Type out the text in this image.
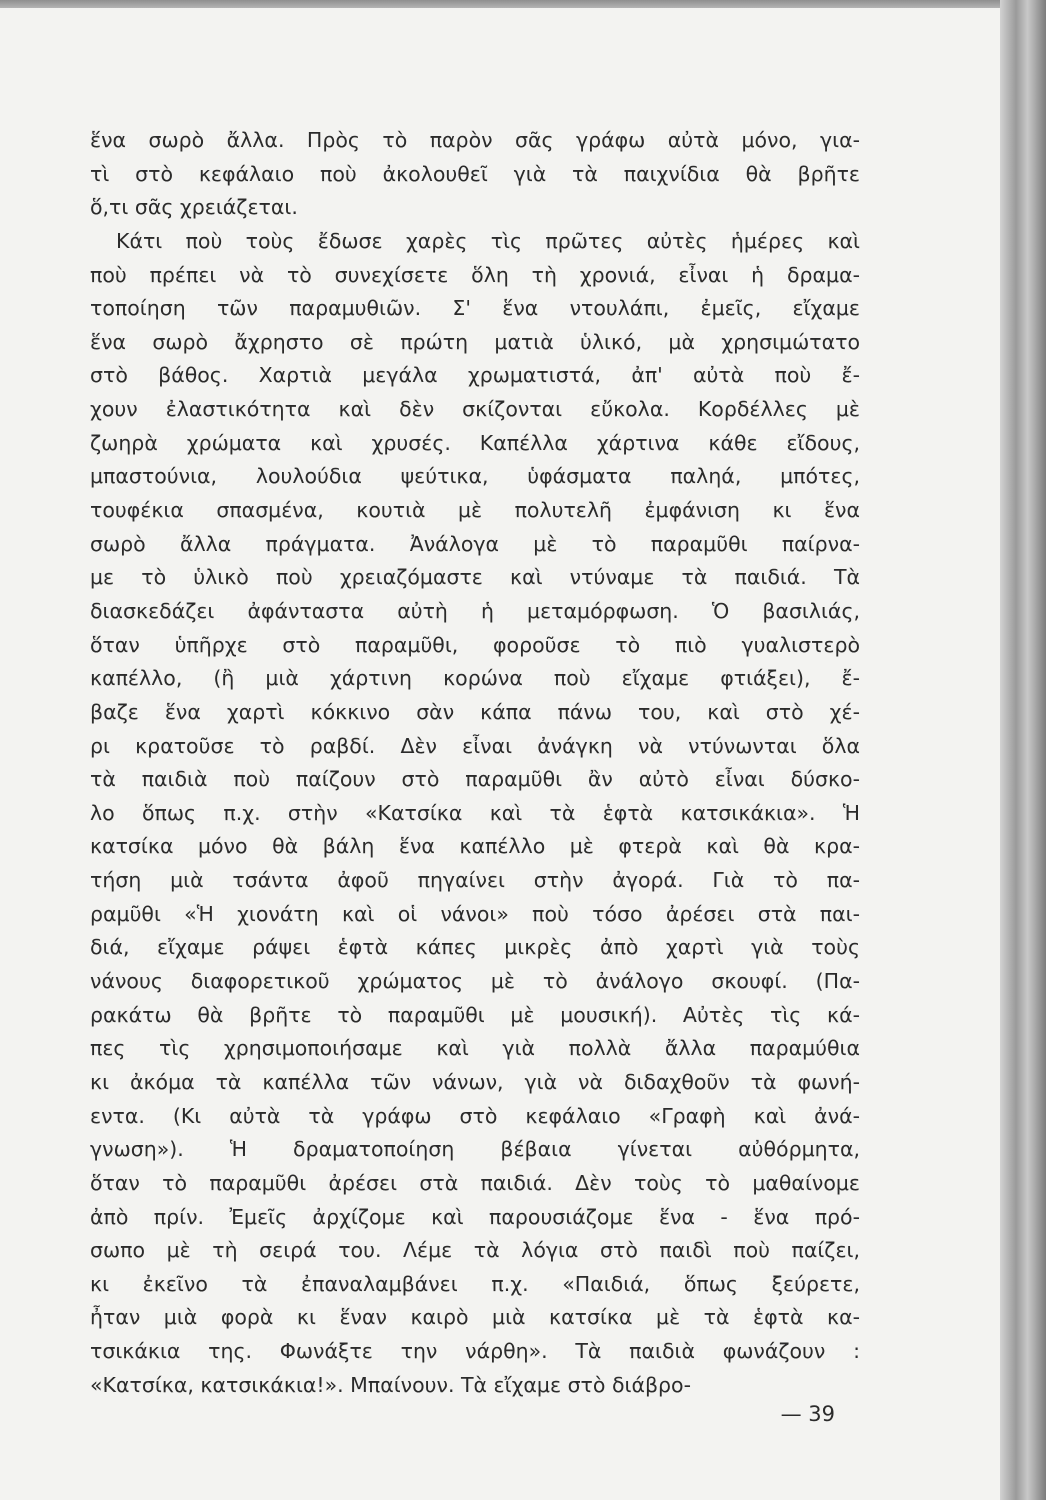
ἕνα σωρὸ ἄλλα. Πρὸς τὸ παρὸν σᾶς γράφω αὐτὰ μόνο, για-
τὶ στὸ κεφάλαιο ποὺ ἀκολουθεῖ γιὰ τὰ παιχνίδια θὰ βρῆτε
ὅ,τι σᾶς χρειάζεται.
Κάτι ποὺ τοὺς ἔδωσε χαρὲς τὶς πρῶτες αὐτὲς ἡμέρες καὶ
ποὺ πρέπει νὰ τὸ συνεχίσετε ὅλη τὴ χρονιά, εἶναι ἡ δραμα-
τοποίηση τῶν παραμυθιῶν. Σ' ἕνα ντουλάπι, ἐμεῖς, εἴχαμε
ἕνα σωρὸ ἄχρηστο σὲ πρώτη ματιὰ ὑλικό, μὰ χρησιμώτατο
στὸ βάθος. Χαρτιὰ μεγάλα χρωματιστά, ἀπ' αὐτὰ ποὺ ἔ-
χουν ἐλαστικότητα καὶ δὲν σκίζονται εὔκολα. Κορδέλλες μὲ
ζωηρὰ χρώματα καὶ χρυσές. Καπέλλα χάρτινα κάθε εἴδους,
μπαστούνια, λουλούδια ψεύτικα, ὑφάσματα παληά, μπότες,
τουφέκια σπασμένα, κουτιὰ μὲ πολυτελῆ ἐμφάνιση κι ἕνα
σωρὸ ἄλλα πράγματα. Ἀνάλογα μὲ τὸ παραμῦθι παίρνα-
με τὸ ὑλικὸ ποὺ χρειαζόμαστε καὶ ντύναμε τὰ παιδιά. Τὰ
διασκεδάζει ἀφάνταστα αὐτὴ ἡ μεταμόρφωση. Ὁ βασιλιάς,
ὅταν ὑπῆρχε στὸ παραμῦθι, φοροῦσε τὸ πιὸ γυαλιστερὸ
καπέλλο, (ἢ μιὰ χάρτινη κορώνα ποὺ εἴχαμε φτιάξει), ἔ-
βαζε ἕνα χαρτὶ κόκκινο σὰν κάπα πάνω του, καὶ στὸ χέ-
ρι κρατοῦσε τὸ ραβδί. Δὲν εἶναι ἀνάγκη νὰ ντύνωνται ὅλα
τὰ παιδιὰ ποὺ παίζουν στὸ παραμῦθι ἂν αὐτὸ εἶναι δύσκο-
λο ὅπως π.χ. στὴν «Κατσίκα καὶ τὰ ἑφτὰ κατσικάκια». Ἡ
κατσίκα μόνο θὰ βάλη ἕνα καπέλλο μὲ φτερὰ καὶ θὰ κρα-
τήση μιὰ τσάντα ἀφοῦ πηγαίνει στὴν ἀγορά. Γιὰ τὸ πα-
ραμῦθι «Ἡ χιονάτη καὶ οἱ νάνοι» ποὺ τόσο ἀρέσει στὰ παι-
διά, εἴχαμε ράψει ἑφτὰ κάπες μικρὲς ἀπὸ χαρτὶ γιὰ τοὺς
νάνους διαφορετικοῦ χρώματος μὲ τὸ ἀνάλογο σκουφί. (Πα-
ρακάτω θὰ βρῆτε τὸ παραμῦθι μὲ μουσική). Αὐτὲς τὶς κά-
πες τὶς χρησιμοποιήσαμε καὶ γιὰ πολλὰ ἄλλα παραμύθια
κι ἀκόμα τὰ καπέλλα τῶν νάνων, γιὰ νὰ διδαχθοῦν τὰ φωνή-
εντα. (Κι αὐτὰ τὰ γράφω στὸ κεφάλαιο «Γραφὴ καὶ ἀνά-
γνωση»). Ἡ δραματοποίηση βέβαια γίνεται αὐθόρμητα,
ὅταν τὸ παραμῦθι ἀρέσει στὰ παιδιά. Δὲν τοὺς τὸ μαθαίνομε
ἀπὸ πρίν. Ἐμεῖς ἀρχίζομε καὶ παρουσιάζομε ἕνα - ἕνα πρό-
σωπο μὲ τὴ σειρά του. Λέμε τὰ λόγια στὸ παιδὶ ποὺ παίζει,
κι ἐκεῖνο τὰ ἐπαναλαμβάνει π.χ. «Παιδιά, ὅπως ξεύρετε,
ἦταν μιὰ φορὰ κι ἕναν καιρὸ μιὰ κατσίκα μὲ τὰ ἑφτὰ κα-
τσικάκια της. Φωνάξτε την νάρθη». Τὰ παιδιὰ φωνάζουν :
«Κατσίκα, κατσικάκια!». Μπαίνουν. Τὰ εἴχαμε στὸ διάβρο-
— 39
